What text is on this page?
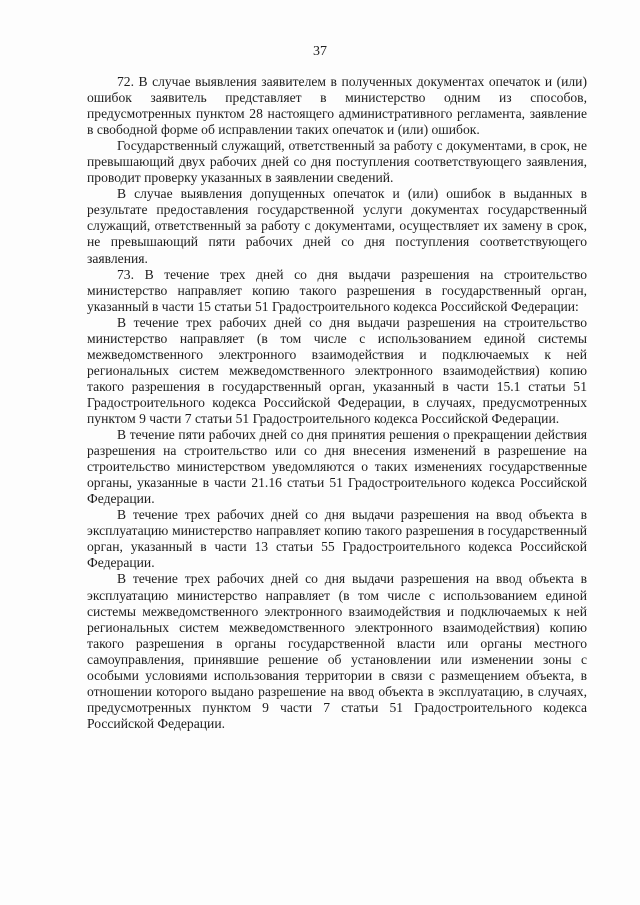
37

72. В случае выявления заявителем в полученных документах опечаток и (или) ошибок заявитель представляет в министерство одним из способов, предусмотренных пунктом 28 настоящего административного регламента, заявление в свободной форме об исправлении таких опечаток и (или) ошибок.

Государственный служащий, ответственный за работу с документами, в срок, не превышающий двух рабочих дней со дня поступления соответствующего заявления, проводит проверку указанных в заявлении сведений.

В случае выявления допущенных опечаток и (или) ошибок в выданных в результате предоставления государственной услуги документах государственный служащий, ответственный за работу с документами, осуществляет их замену в срок, не превышающий пяти рабочих дней со дня поступления соответствующего заявления.

73. В течение трех дней со дня выдачи разрешения на строительство министерство направляет копию такого разрешения в государственный орган, указанный в части 15 статьи 51 Градостроительного кодекса Российской Федерации:

В течение трех рабочих дней со дня выдачи разрешения на строительство министерство направляет (в том числе с использованием единой системы межведомственного электронного взаимодействия и подключаемых к ней региональных систем межведомственного электронного взаимодействия) копию такого разрешения в государственный орган, указанный в части 15.1 статьи 51 Градостроительного кодекса Российской Федерации, в случаях, предусмотренных пунктом 9 части 7 статьи 51 Градостроительного кодекса Российской Федерации.

В течение пяти рабочих дней со дня принятия решения о прекращении действия разрешения на строительство или со дня внесения изменений в разрешение на строительство министерством уведомляются о таких изменениях государственные органы, указанные в части 21.16 статьи 51 Градостроительного кодекса Российской Федерации.

В течение трех рабочих дней со дня выдачи разрешения на ввод объекта в эксплуатацию министерство направляет копию такого разрешения в государственный орган, указанный в части 13 статьи 55 Градостроительного кодекса Российской Федерации.

В течение трех рабочих дней со дня выдачи разрешения на ввод объекта в эксплуатацию министерство направляет (в том числе с использованием единой системы межведомственного электронного взаимодействия и подключаемых к ней региональных систем межведомственного электронного взаимодействия) копию такого разрешения в органы государственной власти или органы местного самоуправления, принявшие решение об установлении или изменении зоны с особыми условиями использования территории в связи с размещением объекта, в отношении которого выдано разрешение на ввод объекта в эксплуатацию, в случаях, предусмотренных пунктом 9 части 7 статьи 51 Градостроительного кодекса Российской Федерации.
